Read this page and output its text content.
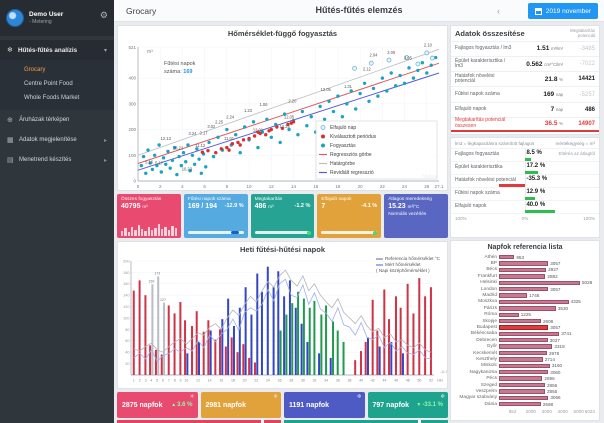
Demo User
◦ Metering
⚙
❄ Hűtés-fűtés analízis	▾
Grocary
Centre Point Food
Whole Foods Market
⊕	Áruházak térképen
▦ Adatok megjelenítése	▸
▤ Menetrend készítés	▸
Grocary	Hűtés-fűtés elemzés	‹	2019 november
Hőmérséklet-függő fogyasztás
0
100
200
300
400
521
m³
0	2	4	6	8	10	12	14	16	18	20	22	24	26 27.1
5.16 5.17
10.22
10.23
12.13
11.12
11.01
12.01
12.05
12.25
1.23
1.06
2.20
2.24
2.25
3.02
3.24 3.17
12.05
2.12
2.04
2.10
2.05
3.05
1.31
Fűtési napok
száma: 169
Elfajuló nap
Kiválasztott periódus
Fogyasztás
Regressziós görbe
Határgörbe
Revidiált regresszió
Összes fogyasztás
40795 m³
Fűtési napok száma
169 / 194 -12.9 %
Megtakarítás
486 m³	-1.2 %
Elfajuló napok
7	-4.1 %
Átlagos meredekség
15.23 m³/°C
Normális vezérlés
Heti fűtési-hűtési napok
20
40
60
80
100
120
140
160
180
200
159
173
127
1 2 3 4 5 6 7 8 9 10 12 14 16 18 20 22 24 26 28 30 32 34 36 38 40 42 44 46 48 50 52 Hét
-11.9
Referencia hőmérséklet °C
Mért hőmérséklet
( Napi középhőmérséklet )
2875 napfok	▲3.6 %
☀
2981 napfok
☀
1191 napfok
❄
797 napfok	▼-33.1 %
❄
Adatok összesítése	Megtakarítás potenciál
Fajlagos fogyasztás / lm3	1.51 m³/lm³	-3485
Épület karakterisztika / lm3	0.562 cm³°C/lm³	-7022
Hatásfok növelési potenciál	21.8 %	14421
Fűtési napok száma	169 nap	-5257
Elfajuló napok	7 nap	486
Megtakarítás potenciál összesen	36.5 %	14907
lm3 = légkapacitásra számított fajlagos	mértékegység = m³
Fajlagos fogyasztás	8.5 %	Eltérés az átlagtól
Épület karakterisztika	17.2 %
Hatásfok növelési potenciál -35.3 %
Fűtési napok száma	12.9 %
Elfajuló napok	40.0 %
100%	0%	100%
Napfok referencia lista
Athén	953
BP	3057
Bécs	2927
Frankfurt	2882
Helsinki	5028
London	3057
Madrid	1745
Moszkva	4325
Párizs	3530
Róma	1225
Skopje	2608
Budapest	3057
Békéscsaba	3741
Debrecen	3027
Győr	3318
Kecskemét	2978
Keszthely	2714
Miskolc	3160
Nagykanizsa	3060
Pécs	2696
Szeged	2856
Veszprém	2855
Magyar szabvány	3066
Dánia	2598
852 2000 3000 4000 5000 6024
